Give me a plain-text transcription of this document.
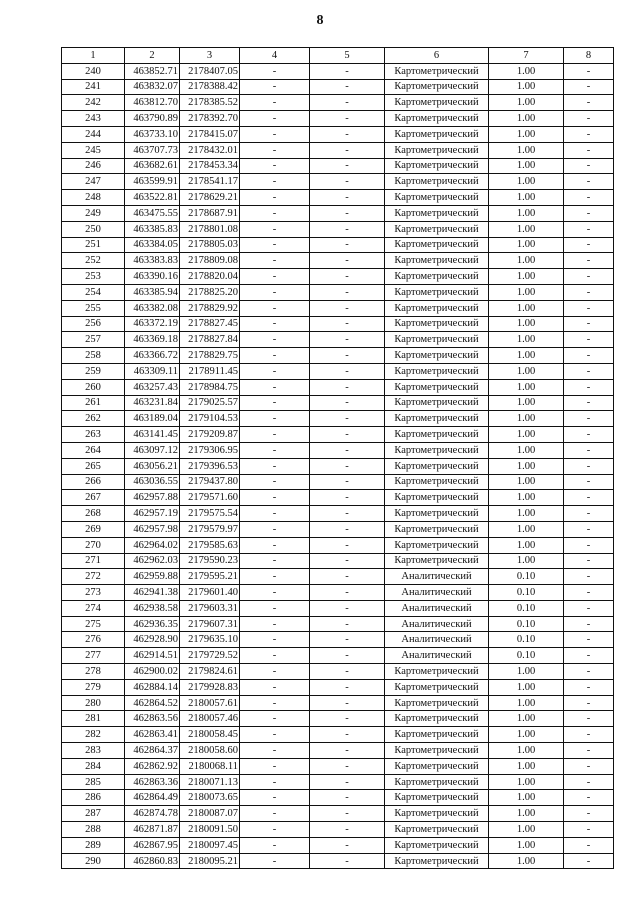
8
1	2	3	4	5	6	7	8
240	463852.71	2178407.05	-	-	Картометрический	1.00	-
241	463832.07	2178388.42	-	-	Картометрический	1.00	-
242	463812.70	2178385.52	-	-	Картометрический	1.00	-
243	463790.89	2178392.70	-	-	Картометрический	1.00	-
244	463733.10	2178415.07	-	-	Картометрический	1.00	-
245	463707.73	2178432.01	-	-	Картометрический	1.00	-
246	463682.61	2178453.34	-	-	Картометрический	1.00	-
247	463599.91	2178541.17	-	-	Картометрический	1.00	-
248	463522.81	2178629.21	-	-	Картометрический	1.00	-
249	463475.55	2178687.91	-	-	Картометрический	1.00	-
250	463385.83	2178801.08	-	-	Картометрический	1.00	-
251	463384.05	2178805.03	-	-	Картометрический	1.00	-
252	463383.83	2178809.08	-	-	Картометрический	1.00	-
253	463390.16	2178820.04	-	-	Картометрический	1.00	-
254	463385.94	2178825.20	-	-	Картометрический	1.00	-
255	463382.08	2178829.92	-	-	Картометрический	1.00	-
256	463372.19	2178827.45	-	-	Картометрический	1.00	-
257	463369.18	2178827.84	-	-	Картометрический	1.00	-
258	463366.72	2178829.75	-	-	Картометрический	1.00	-
259	463309.11	2178911.45	-	-	Картометрический	1.00	-
260	463257.43	2178984.75	-	-	Картометрический	1.00	-
261	463231.84	2179025.57	-	-	Картометрический	1.00	-
262	463189.04	2179104.53	-	-	Картометрический	1.00	-
263	463141.45	2179209.87	-	-	Картометрический	1.00	-
264	463097.12	2179306.95	-	-	Картометрический	1.00	-
265	463056.21	2179396.53	-	-	Картометрический	1.00	-
266	463036.55	2179437.80	-	-	Картометрический	1.00	-
267	462957.88	2179571.60	-	-	Картометрический	1.00	-
268	462957.19	2179575.54	-	-	Картометрический	1.00	-
269	462957.98	2179579.97	-	-	Картометрический	1.00	-
270	462964.02	2179585.63	-	-	Картометрический	1.00	-
271	462962.03	2179590.23	-	-	Картометрический	1.00	-
272	462959.88	2179595.21	-	-	Аналитический	0.10	-
273	462941.38	2179601.40	-	-	Аналитический	0.10	-
274	462938.58	2179603.31	-	-	Аналитический	0.10	-
275	462936.35	2179607.31	-	-	Аналитический	0.10	-
276	462928.90	2179635.10	-	-	Аналитический	0.10	-
277	462914.51	2179729.52	-	-	Аналитический	0.10	-
278	462900.02	2179824.61	-	-	Картометрический	1.00	-
279	462884.14	2179928.83	-	-	Картометрический	1.00	-
280	462864.52	2180057.61	-	-	Картометрический	1.00	-
281	462863.56	2180057.46	-	-	Картометрический	1.00	-
282	462863.41	2180058.45	-	-	Картометрический	1.00	-
283	462864.37	2180058.60	-	-	Картометрический	1.00	-
284	462862.92	2180068.11	-	-	Картометрический	1.00	-
285	462863.36	2180071.13	-	-	Картометрический	1.00	-
286	462864.49	2180073.65	-	-	Картометрический	1.00	-
287	462874.78	2180087.07	-	-	Картометрический	1.00	-
288	462871.87	2180091.50	-	-	Картометрический	1.00	-
289	462867.95	2180097.45	-	-	Картометрический	1.00	-
290	462860.83	2180095.21	-	-	Картометрический	1.00	-
